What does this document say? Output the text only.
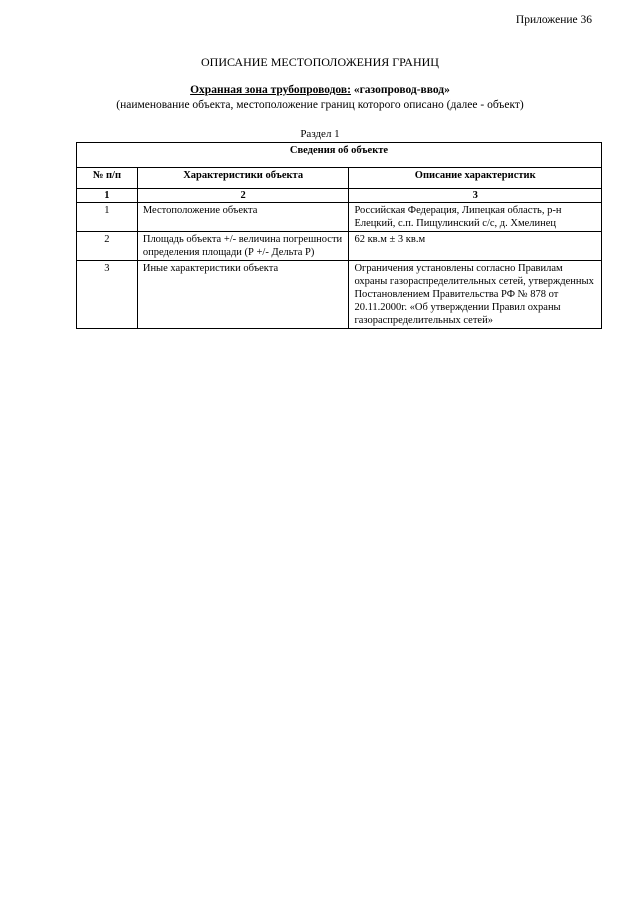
Приложение 36
ОПИСАНИЕ МЕСТОПОЛОЖЕНИЯ ГРАНИЦ
Охранная зона трубопроводов: «газопровод-ввод»
(наименование объекта, местоположение границ которого описано (далее - объект)
Раздел 1
Сведения об объекте		
№ п/п	Характеристики объекта	Описание характеристик
1	2	3
1	Местоположение объекта	Российская Федерация, Липецкая область, р-н Елецкий, с.п. Пищулинский с/с, д. Хмелинец
2	Площадь объекта +/- величина погрешности определения площади (Р +/- Дельта Р)	62 кв.м ± 3 кв.м
3	Иные характеристики объекта	Ограничения установлены согласно Правилам охраны газораспределительных сетей, утвержденных Постановлением Правительства РФ № 878 от 20.11.2000г. «Об утверждении Правил охраны газораспределительных сетей»
